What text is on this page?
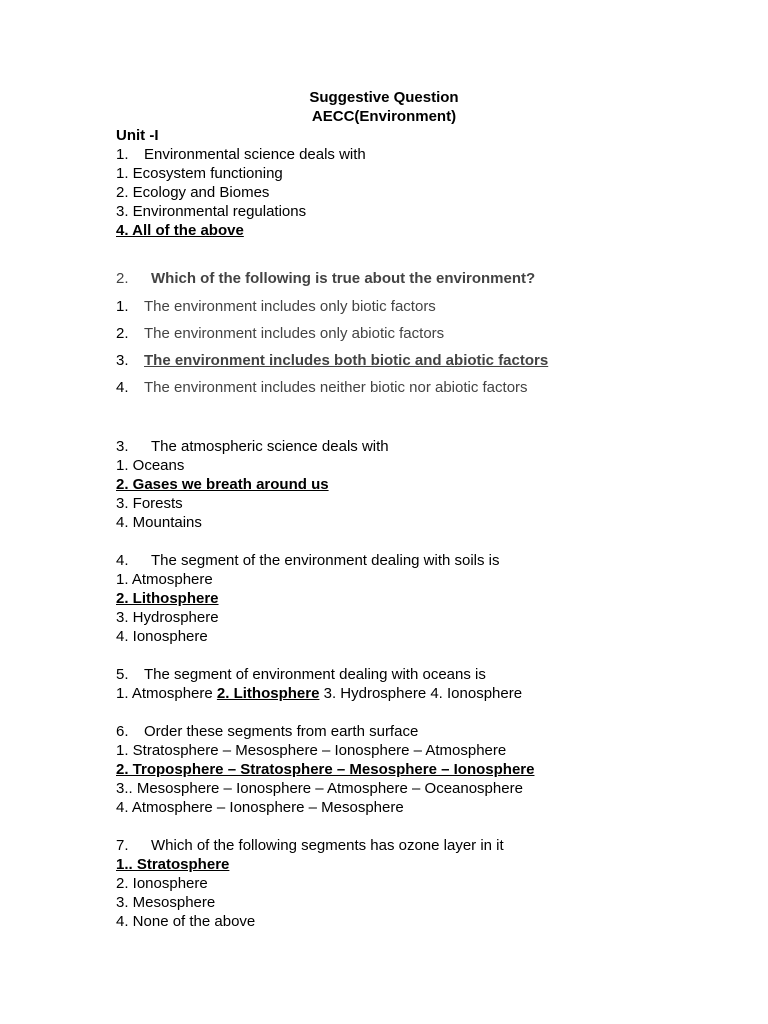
Suggestive Question
AECC(Environment)
Unit -I
1. Environmental science deals with
1. Ecosystem functioning
2. Ecology and Biomes
3. Environmental regulations
4. All of the above
2. Which of the following is true about the environment?
1. The environment includes only biotic factors
2. The environment includes only abiotic factors
3. The environment includes both biotic and abiotic factors
4. The environment includes neither biotic nor abiotic factors
3. The atmospheric science deals with
1. Oceans
2. Gases we breath around us
3. Forests
4. Mountains
4. The segment of the environment dealing with soils is
1. Atmosphere
2. Lithosphere
3. Hydrosphere
4. Ionosphere
5. The segment of environment dealing with oceans is
1. Atmosphere 2. Lithosphere 3. Hydrosphere 4. Ionosphere
6. Order these segments from earth surface
1. Stratosphere – Mesosphere – Ionosphere – Atmosphere
2. Troposphere – Stratosphere – Mesosphere – Ionosphere
3.. Mesosphere – Ionosphere – Atmosphere – Oceanosphere
4. Atmosphere – Ionosphere – Mesosphere
7. Which of the following segments has ozone layer in it
1.. Stratosphere
2. Ionosphere
3. Mesosphere
4. None of the above
